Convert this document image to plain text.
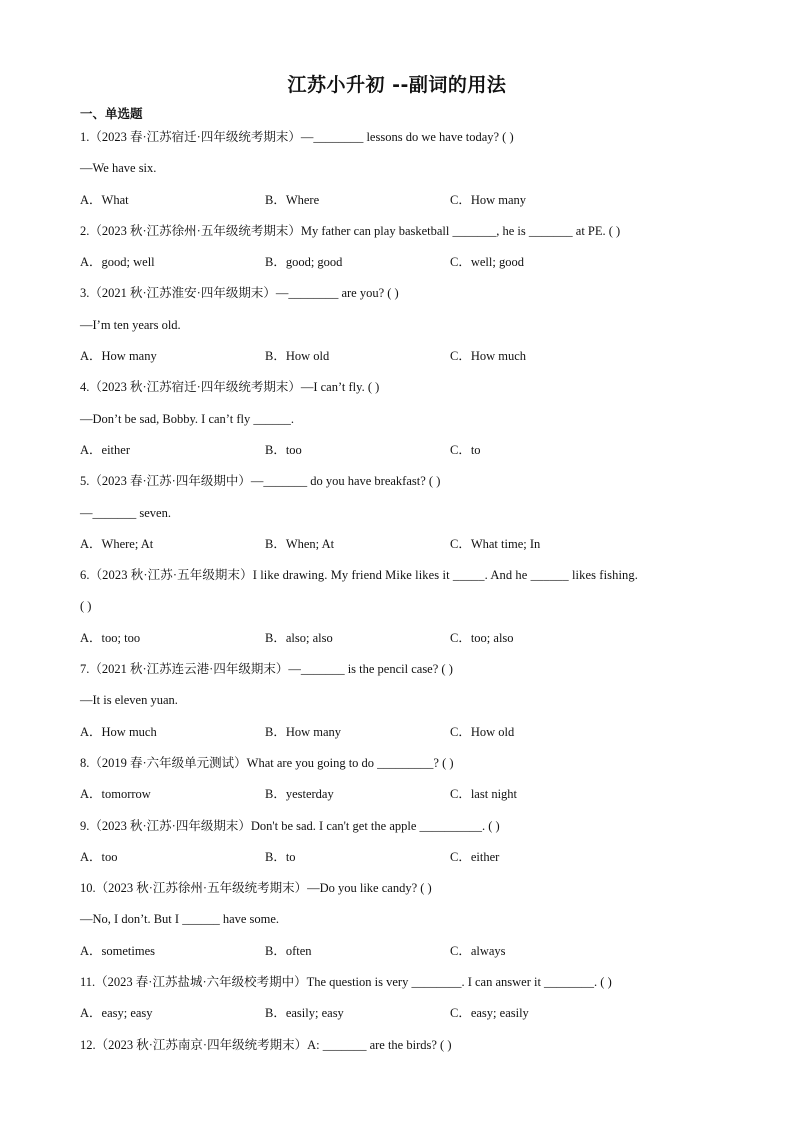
江苏小升初 --副词的用法
一、单选题
1.（2023 春·江苏宿迁·四年级统考期末）—________ lessons do we have today? ( )
—We have six.
A．What	B．Where	C．How many
2.（2023 秋·江苏徐州·五年级统考期末）My father can play basketball _______, he is _______ at PE. ( )
A．good; well	B．good; good	C．well; good
3.（2021 秋·江苏淮安·四年级期末）—________ are you? ( )
—I’m ten years old.
A．How many	B．How old	C．How much
4.（2023 秋·江苏宿迁·四年级统考期末）—I can’t fly. ( )
—Don’t be sad, Bobby. I can’t fly ______.
A．either	B．too	C．to
5.（2023 春·江苏·四年级期中）—_______ do you have breakfast? ( )
—_______ seven.
A．Where; At	B．When; At	C．What time; In
6.（2023 秋·江苏·五年级期末）I like drawing. My friend Mike likes it _____. And he ______ likes fishing.
( )
A．too; too	B．also; also	C．too; also
7.（2021 秋·江苏连云港·四年级期末）—_______ is the pencil case? ( )
—It is eleven yuan.
A．How much	B．How many	C．How old
8.（2019 春·六年级单元测试）What are you going to do _________? ( )
A．tomorrow	B．yesterday	C．last night
9.（2023 秋·江苏·四年级期末）Don't be sad. I can't get the apple __________. ( )
A．too	B．to	C．either
10.（2023 秋·江苏徐州·五年级统考期末）—Do you like candy? ( )
—No, I don’t. But I ______ have some.
A．sometimes	B．often	C．always
11.（2023 春·江苏盐城·六年级校考期中）The question is very ________. I can answer it ________. ( )
A．easy; easy	B．easily; easy	C．easy; easily
12.（2023 秋·江苏南京·四年级统考期末）A: _______ are the birds? ( )
